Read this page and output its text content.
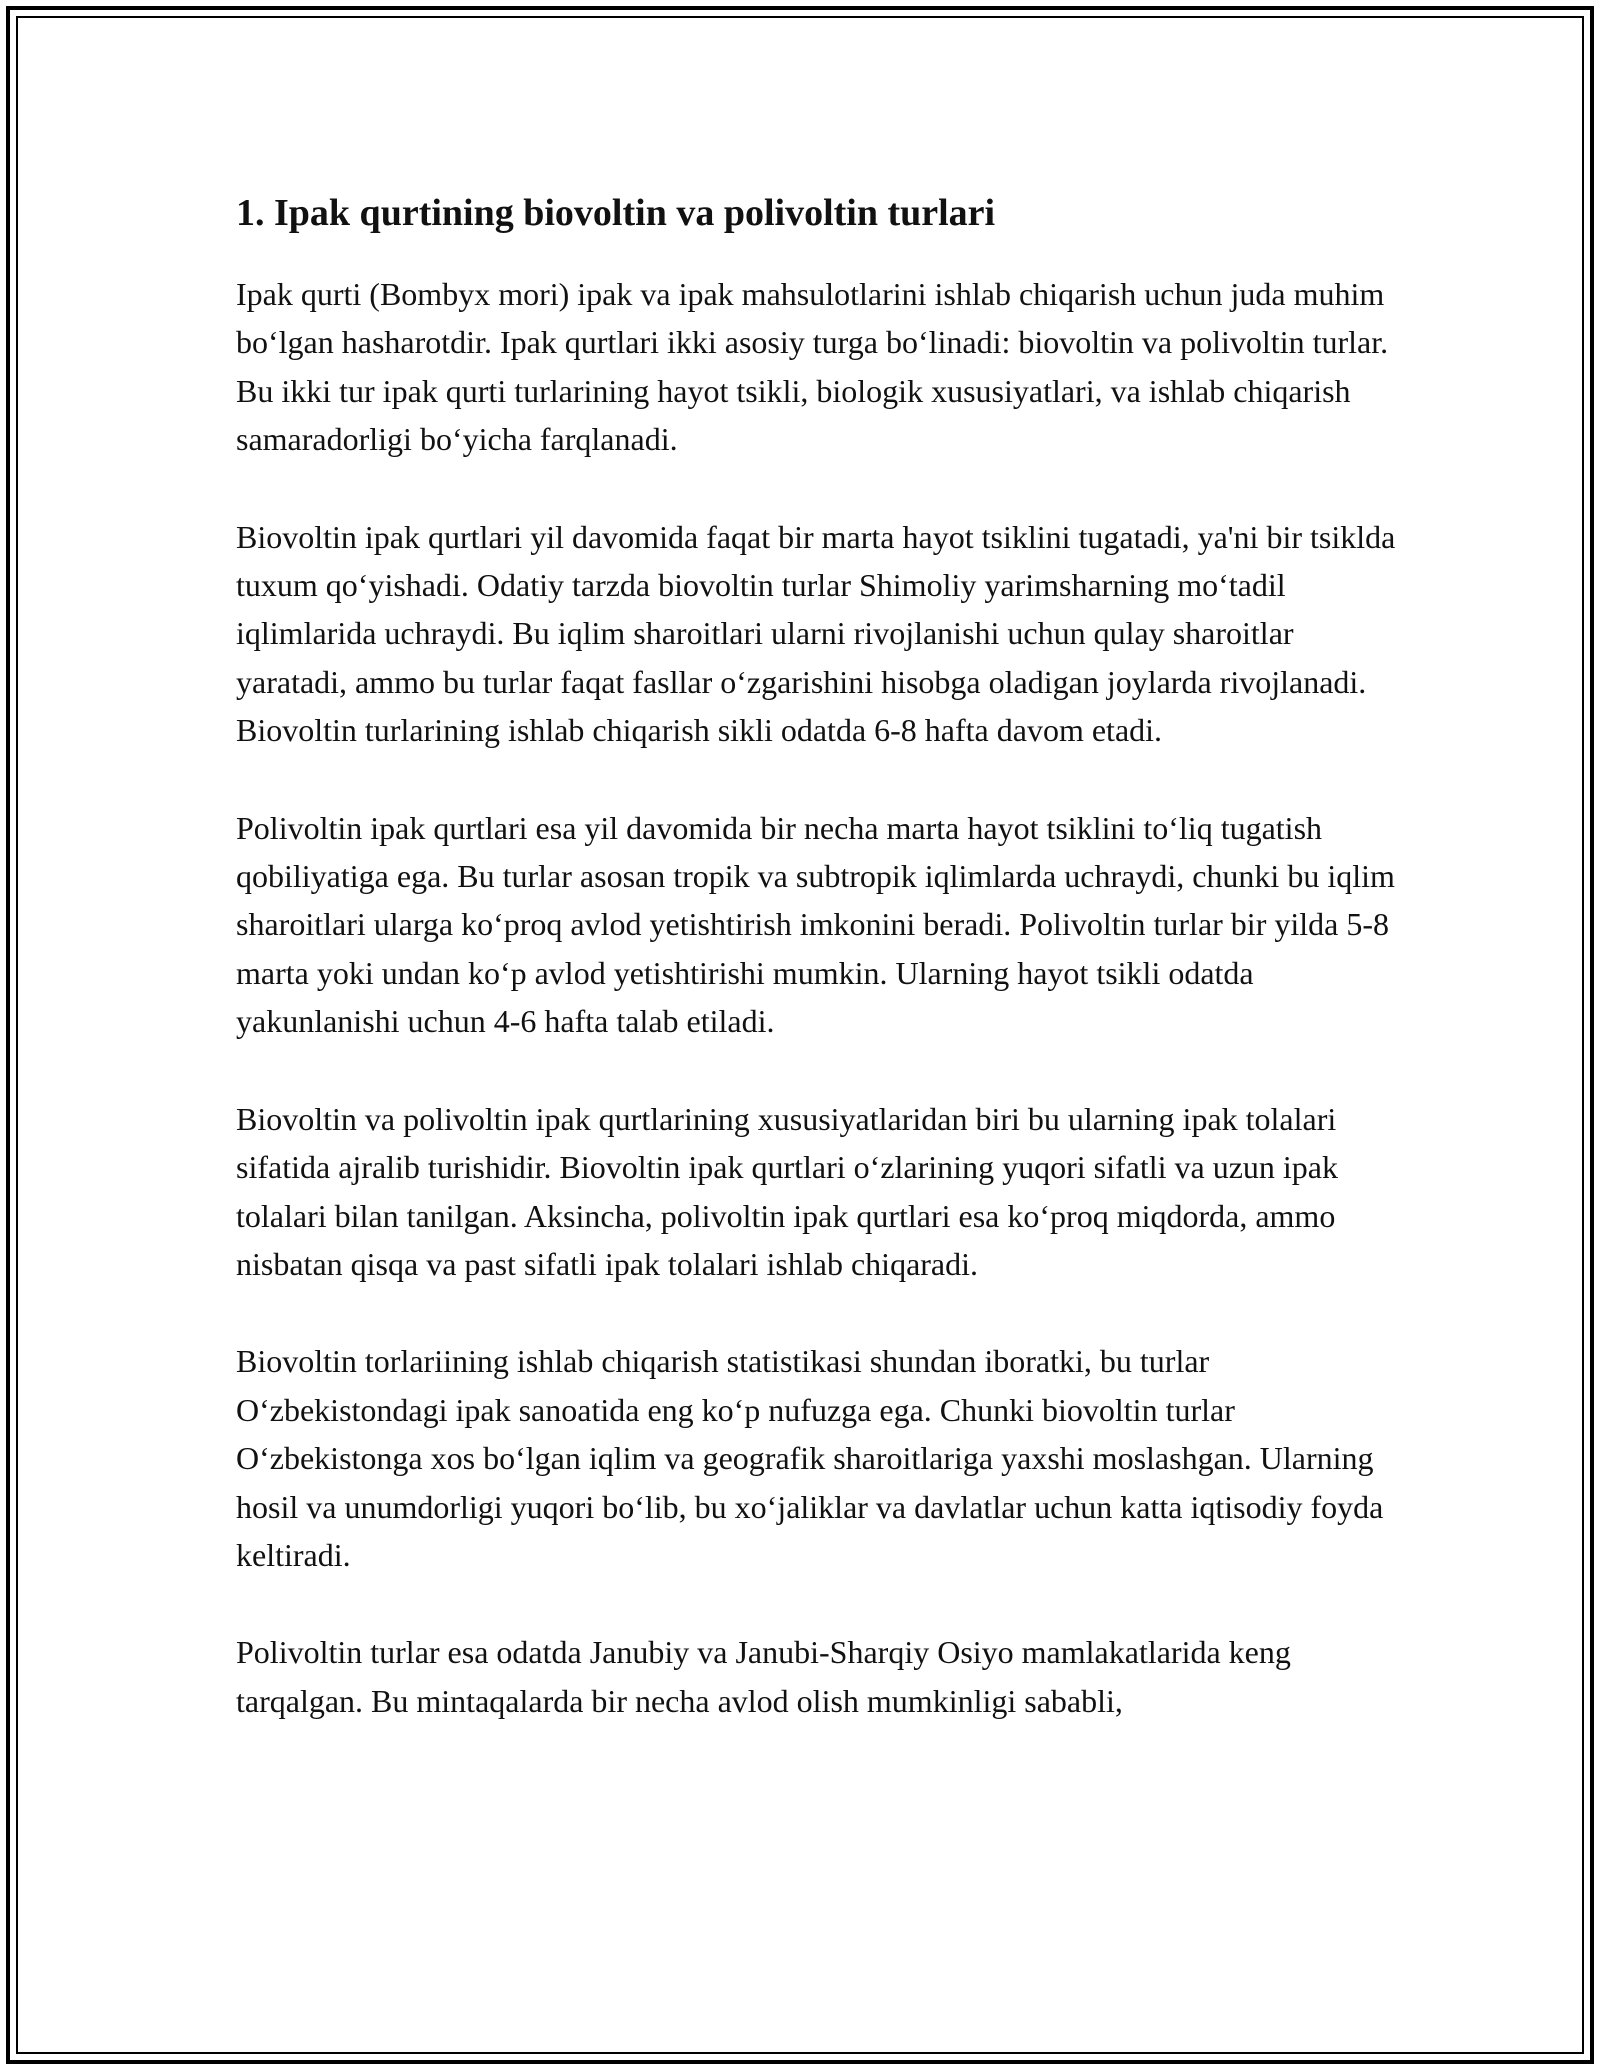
1. Ipak qurtining biovoltin va polivoltin turlari

Ipak qurti (Bombyx mori) ipak va ipak mahsulotlarini ishlab chiqarish uchun juda muhim bo‘lgan hasharotdir. Ipak qurtlari ikki asosiy turga bo‘linadi: biovoltin va polivoltin turlar. Bu ikki tur ipak qurti turlarining hayot tsikli, biologik xususiyatlari, va ishlab chiqarish samaradorligi bo‘yicha farqlanadi.

Biovoltin ipak qurtlari yil davomida faqat bir marta hayot tsiklini tugatadi, ya'ni bir tsiklda tuxum qo‘yishadi. Odatiy tarzda biovoltin turlar Shimoliy yarimsharning mo‘tadil iqlimlarida uchraydi. Bu iqlim sharoitlari ularni rivojlanishi uchun qulay sharoitlar yaratadi, ammo bu turlar faqat fasllar o‘zgarishini hisobga oladigan joylarda rivojlanadi. Biovoltin turlarining ishlab chiqarish sikli odatda 6-8 hafta davom etadi.

Polivoltin ipak qurtlari esa yil davomida bir necha marta hayot tsiklini to‘liq tugatish qobiliyatiga ega. Bu turlar asosan tropik va subtropik iqlimlarda uchraydi, chunki bu iqlim sharoitlari ularga ko‘proq avlod yetishtirish imkonini beradi. Polivoltin turlar bir yilda 5-8 marta yoki undan ko‘p avlod yetishtirishi mumkin. Ularning hayot tsikli odatda yakunlanishi uchun 4-6 hafta talab etiladi.

Biovoltin va polivoltin ipak qurtlarining xususiyatlaridan biri bu ularning ipak tolalari sifatida ajralib turishidir. Biovoltin ipak qurtlari o‘zlarining yuqori sifatli va uzun ipak tolalari bilan tanilgan. Aksincha, polivoltin ipak qurtlari esa ko‘proq miqdorda, ammo nisbatan qisqa va past sifatli ipak tolalari ishlab chiqaradi.

Biovoltin torlariining ishlab chiqarish statistikasi shundan iboratki, bu turlar O‘zbekistondagi ipak sanoatida eng ko‘p nufuzga ega. Chunki biovoltin turlar O‘zbekistonga xos bo‘lgan iqlim va geografik sharoitlariga yaxshi moslashgan. Ularning hosil va unumdorligi yuqori bo‘lib, bu xo‘jaliklar va davlatlar uchun katta iqtisodiy foyda keltiradi.

Polivoltin turlar esa odatda Janubiy va Janubi-Sharqiy Osiyo mamlakatlarida keng tarqalgan. Bu mintaqalarda bir necha avlod olish mumkinligi sababli,
